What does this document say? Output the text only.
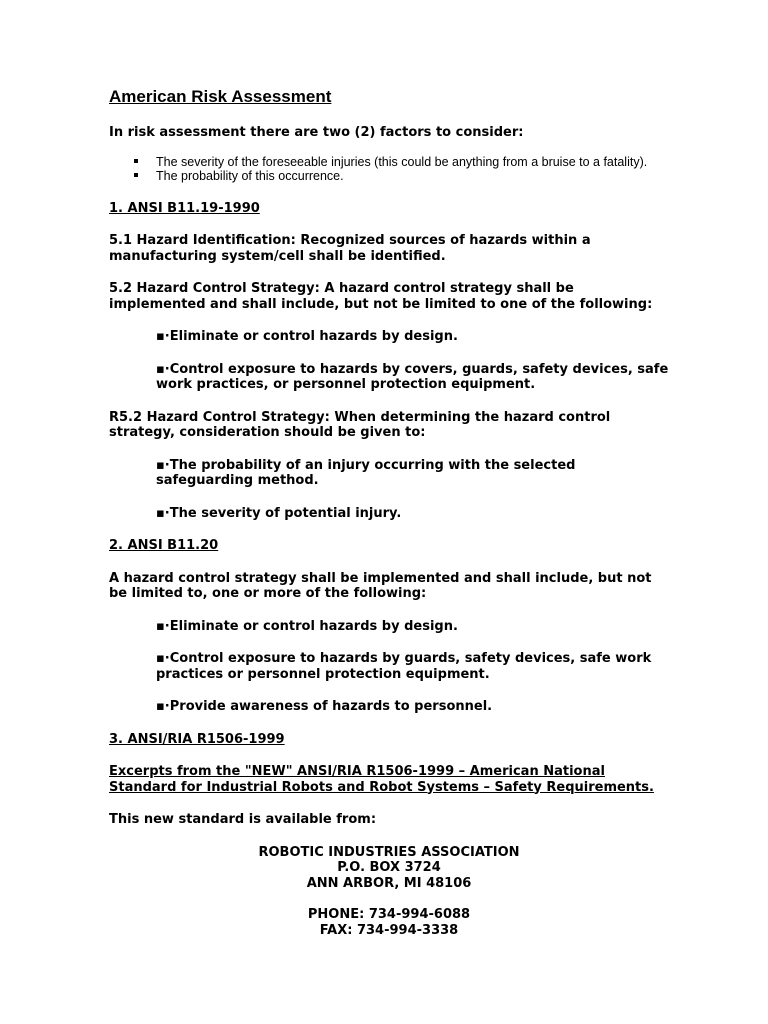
American Risk Assessment
In risk assessment there are two (2) factors to consider:
The severity of the foreseeable injuries (this could be anything from a bruise to a fatality).
The probability of this occurrence.
1. ANSI B11.19-1990
5.1 Hazard Identification: Recognized sources of hazards within a manufacturing system/cell shall be identified.
5.2 Hazard Control Strategy: A hazard control strategy shall be implemented and shall include, but not be limited to one of the following:
▪·Eliminate or control hazards by design.
▪·Control exposure to hazards by covers, guards, safety devices, safe work practices, or personnel protection equipment.
R5.2 Hazard Control Strategy: When determining the hazard control strategy, consideration should be given to:
▪·The probability of an injury occurring with the selected safeguarding method.
▪·The severity of potential injury.
2. ANSI B11.20
A hazard control strategy shall be implemented and shall include, but not be limited to, one or more of the following:
▪·Eliminate or control hazards by design.
▪·Control exposure to hazards by guards, safety devices, safe work practices or personnel protection equipment.
▪·Provide awareness of hazards to personnel.
3. ANSI/RIA R1506-1999
Excerpts from the "NEW" ANSI/RIA R1506-1999 – American National Standard for Industrial Robots and Robot Systems – Safety Requirements.
This new standard is available from:
ROBOTIC INDUSTRIES ASSOCIATION
P.O. BOX 3724
ANN ARBOR, MI 48106
PHONE: 734-994-6088
FAX: 734-994-3338
